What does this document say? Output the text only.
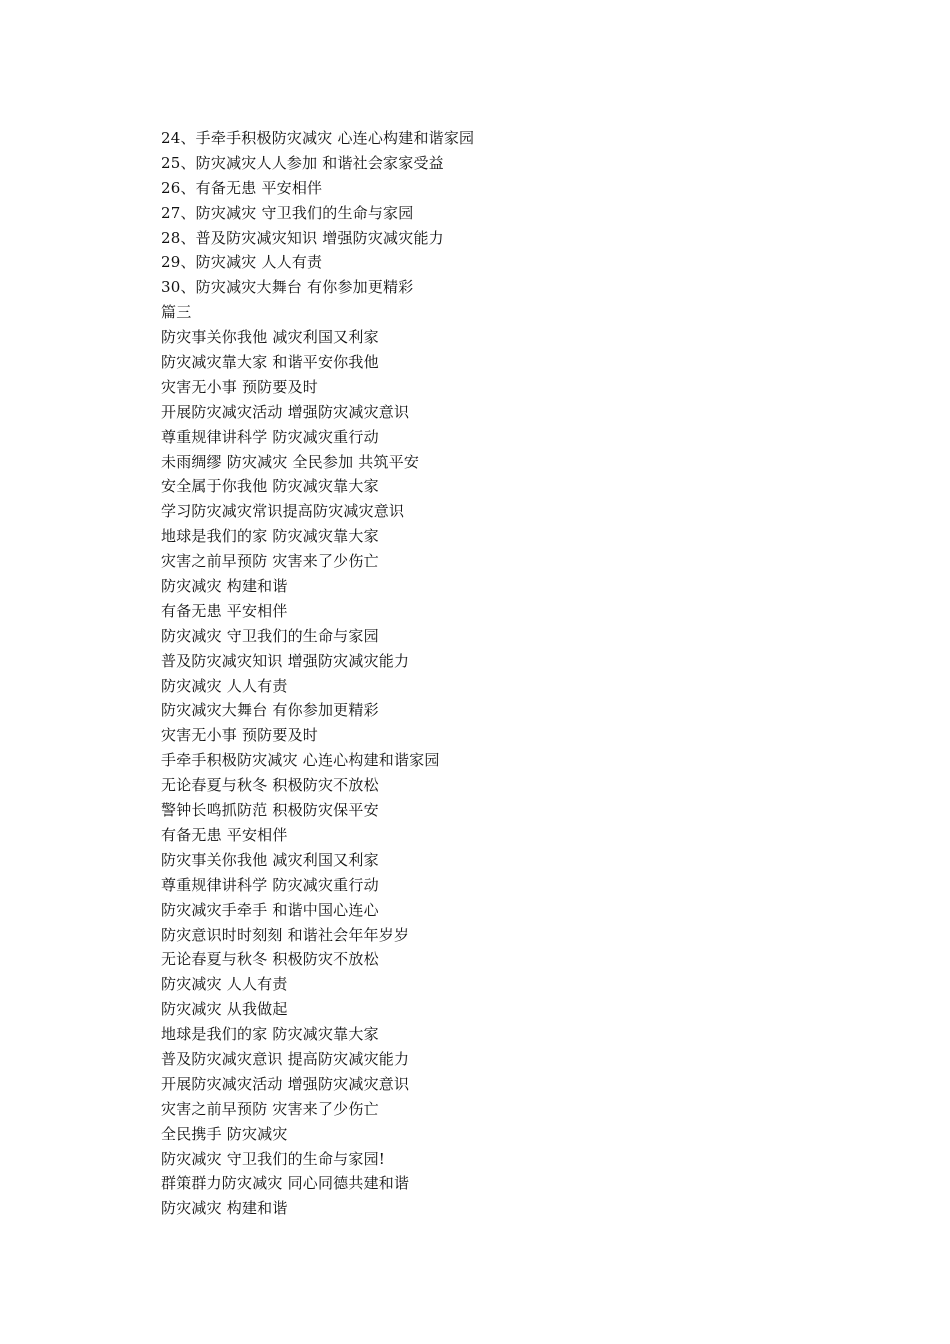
24、手牵手积极防灾减灾 心连心构建和谐家园
25、防灾减灾人人参加 和谐社会家家受益
26、有备无患 平安相伴
27、防灾减灾 守卫我们的生命与家园
28、普及防灾减灾知识 增强防灾减灾能力
29、防灾减灾 人人有责
30、防灾减灾大舞台 有你参加更精彩
篇三
防灾事关你我他 减灾利国又利家
防灾减灾靠大家 和谐平安你我他
灾害无小事 预防要及时
开展防灾减灾活动 增强防灾减灾意识
尊重规律讲科学 防灾减灾重行动
未雨绸缪 防灾减灾 全民参加 共筑平安
安全属于你我他 防灾减灾靠大家
学习防灾减灾常识提高防灾减灾意识
地球是我们的家 防灾减灾靠大家
灾害之前早预防 灾害来了少伤亡
防灾减灾 构建和谐
有备无患 平安相伴
防灾减灾 守卫我们的生命与家园
普及防灾减灾知识 增强防灾减灾能力
防灾减灾 人人有责
防灾减灾大舞台 有你参加更精彩
灾害无小事 预防要及时
手牵手积极防灾减灾 心连心构建和谐家园
无论春夏与秋冬 积极防灾不放松
警钟长鸣抓防范 积极防灾保平安
有备无患 平安相伴
防灾事关你我他 减灾利国又利家
尊重规律讲科学 防灾减灾重行动
防灾减灾手牵手 和谐中国心连心
防灾意识时时刻刻 和谐社会年年岁岁
无论春夏与秋冬 积极防灾不放松
防灾减灾 人人有责
防灾减灾 从我做起
地球是我们的家 防灾减灾靠大家
普及防灾减灾意识 提高防灾减灾能力
开展防灾减灾活动 增强防灾减灾意识
灾害之前早预防 灾害来了少伤亡
全民携手 防灾减灾
防灾减灾 守卫我们的生命与家园!
群策群力防灾减灾 同心同德共建和谐
防灾减灾 构建和谐
